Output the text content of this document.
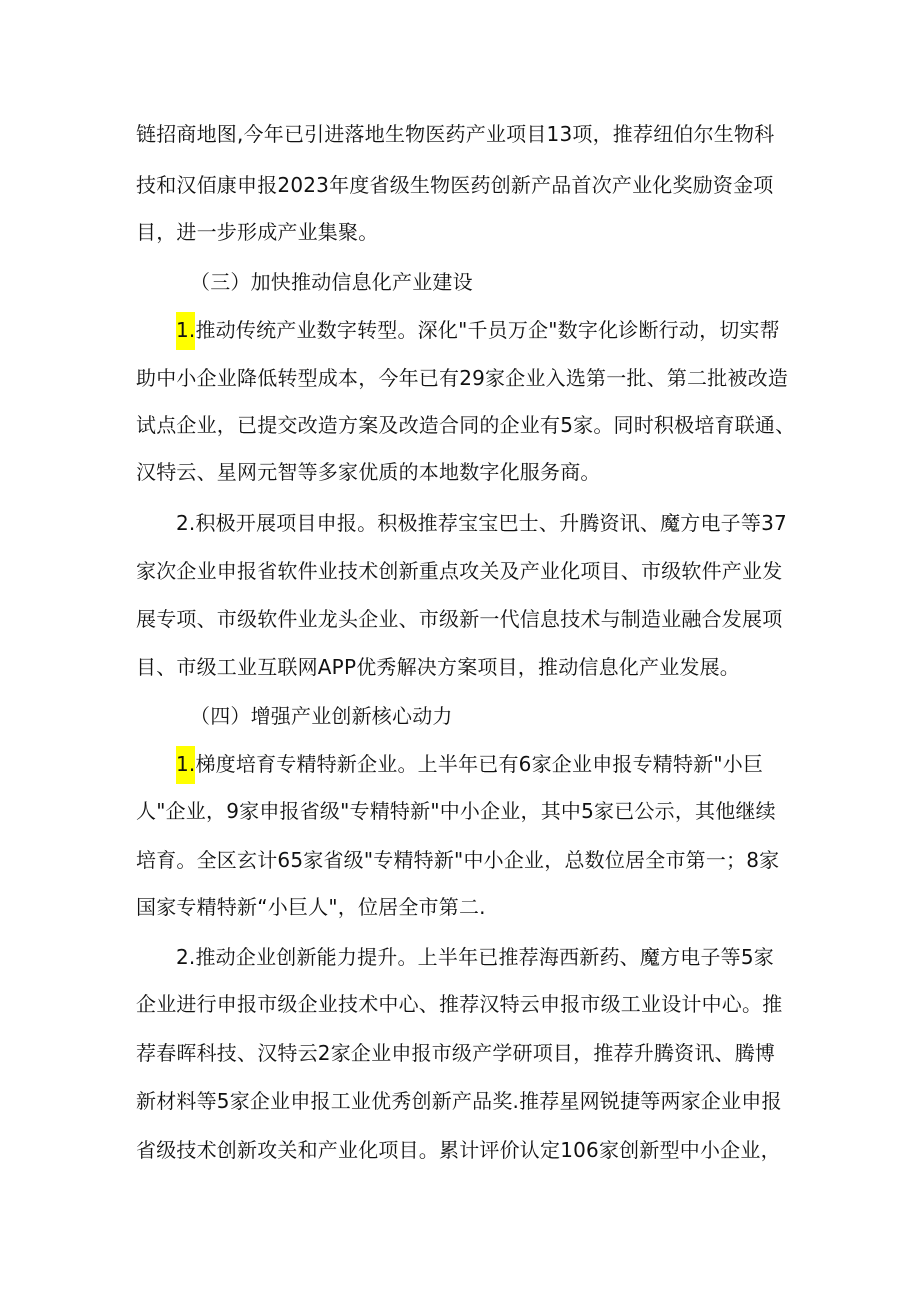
链招商地图,今年已引进落地生物医药产业项目13项，推荐纽伯尔生物科
技和汉佰康申报2023年度省级生物医药创新产品首次产业化奖励资金项
目，进一步形成产业集聚。
（三）加快推动信息化产业建设
1.推动传统产业数字转型。深化"千员万企"数字化诊断行动，切实帮
助中小企业降低转型成本，今年已有29家企业入选第一批、第二批被改造
试点企业，已提交改造方案及改造合同的企业有5家。同时积极培育联通、
汉特云、星网元智等多家优质的本地数字化服务商。
2.积极开展项目申报。积极推荐宝宝巴士、升腾资讯、魔方电子等37
家次企业申报省软件业技术创新重点攻关及产业化项目、市级软件产业发
展专项、市级软件业龙头企业、市级新一代信息技术与制造业融合发展项
目、市级工业互联网APP优秀解决方案项目，推动信息化产业发展。
（四）增强产业创新核心动力
1.梯度培育专精特新企业。上半年已有6家企业申报专精特新"小巨
人"企业，9家申报省级"专精特新"中小企业，其中5家已公示，其他继续
培育。全区玄计65家省级"专精特新"中小企业，总数位居全市第一；8家
国家专精特新“小巨人"，位居全市第二.
2.推动企业创新能力提升。上半年已推荐海西新药、魔方电子等5家
企业进行申报市级企业技术中心、推荐汉特云申报市级工业设计中心。推
荐春晖科技、汉特云2家企业申报市级产学研项目，推荐升腾资讯、腾博
新材料等5家企业申报工业优秀创新产品奖.推荐星网锐捷等两家企业申报
省级技术创新攻关和产业化项目。累计评价认定106家创新型中小企业，
